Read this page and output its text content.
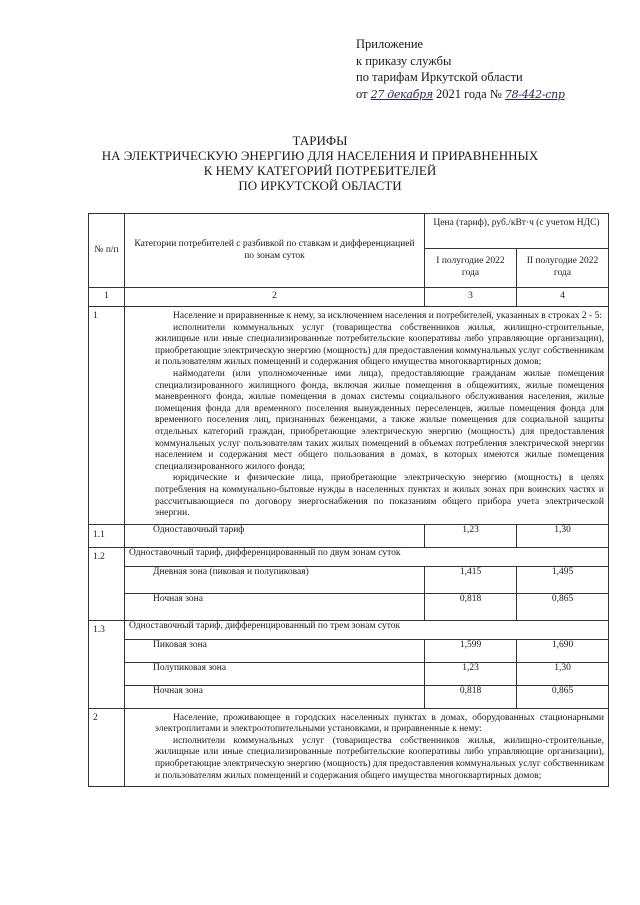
Приложение
к приказу службы
по тарифам Иркутской области
от 27 декабря 2021 года № 78-442-спр
ТАРИФЫ
НА ЭЛЕКТРИЧЕСКУЮ ЭНЕРГИЮ ДЛЯ НАСЕЛЕНИЯ И ПРИРАВНЕННЫХ
К НЕМУ КАТЕГОРИЙ ПОТРЕБИТЕЛЕЙ
ПО ИРКУТСКОЙ ОБЛАСТИ
№ п/п	Категории потребителей с разбивкой по ставкам и дифференциацией по зонам суток	Цена (тариф), руб./кВт·ч (с учетом НДС)	
		I полугодие 2022 года	II полугодие 2022 года
1	2	3	4
1	Население и приравненные к нему, за исключением населения и потребителей, указанных в строках 2 - 5:

исполнители коммунальных услуг (товарищества собственников жилья, жилищно-строительные, жилищные или иные специализированные потребительские кооперативы либо управляющие организации), приобретающие электрическую энергию (мощность) для предоставления коммунальных услуг собственникам и пользователям жилых помещений и содержания общего имущества многоквартирных домов;

наймодатели (или уполномоченные ими лица), предоставляющие гражданам жилые помещения специализированного жилищного фонда, включая жилые помещения в общежитиях, жилые помещения маневренного фонда, жилые помещения в домах системы социального обслуживания населения, жилые помещения фонда для временного поселения вынужденных переселенцев, жилые помещения фонда для временного поселения лиц, признанных беженцами, а также жилые помещения для социальной защиты отдельных категорий граждан, приобретающие электрическую энергию (мощность) для предоставления коммунальных услуг пользователям таких жилых помещений в объемах потребления электрической энергии населением и содержания мест общего пользования в домах, в которых имеются жилые помещения специализированного жилого фонда;

юридические и физические лица, приобретающие электрическую энергию (мощность) в целях потребления на коммунально-бытовые нужды в населенных пунктах и жилых зонах при воинских частях и рассчитывающиеся по договору энергоснабжения по показаниям общего прибора учета электрической энергии.		

1.1	Одноставочный тариф	1,23	1,30
1.2	Одноставочный тариф, дифференцированный по двум зонам суток		
	Дневная зона (пиковая и полупиковая)	1,415	1,495
	Ночная зона	0,818	0,865
1.3	Одноставочный тариф, дифференцированный по трем зонам суток		
	Пиковая зона	1,599	1,690
	Полупиковая зона	1,23	1,30
	Ночная зона	0,818	0,865
2	Население, проживающее в городских населенных пунктах в домах, оборудованных стационарными электроплитами и электроотопительными установками, и приравненные к нему:

исполнители коммунальных услуг (товарищества собственников жилья, жилищно-строительные, жилищные или иные специализированные потребительские кооперативы либо управляющие организации), приобретающие электрическую энергию (мощность) для предоставления коммунальных услуг собственникам и пользователям жилых помещений и содержания общего имущества многоквартирных домов;		
